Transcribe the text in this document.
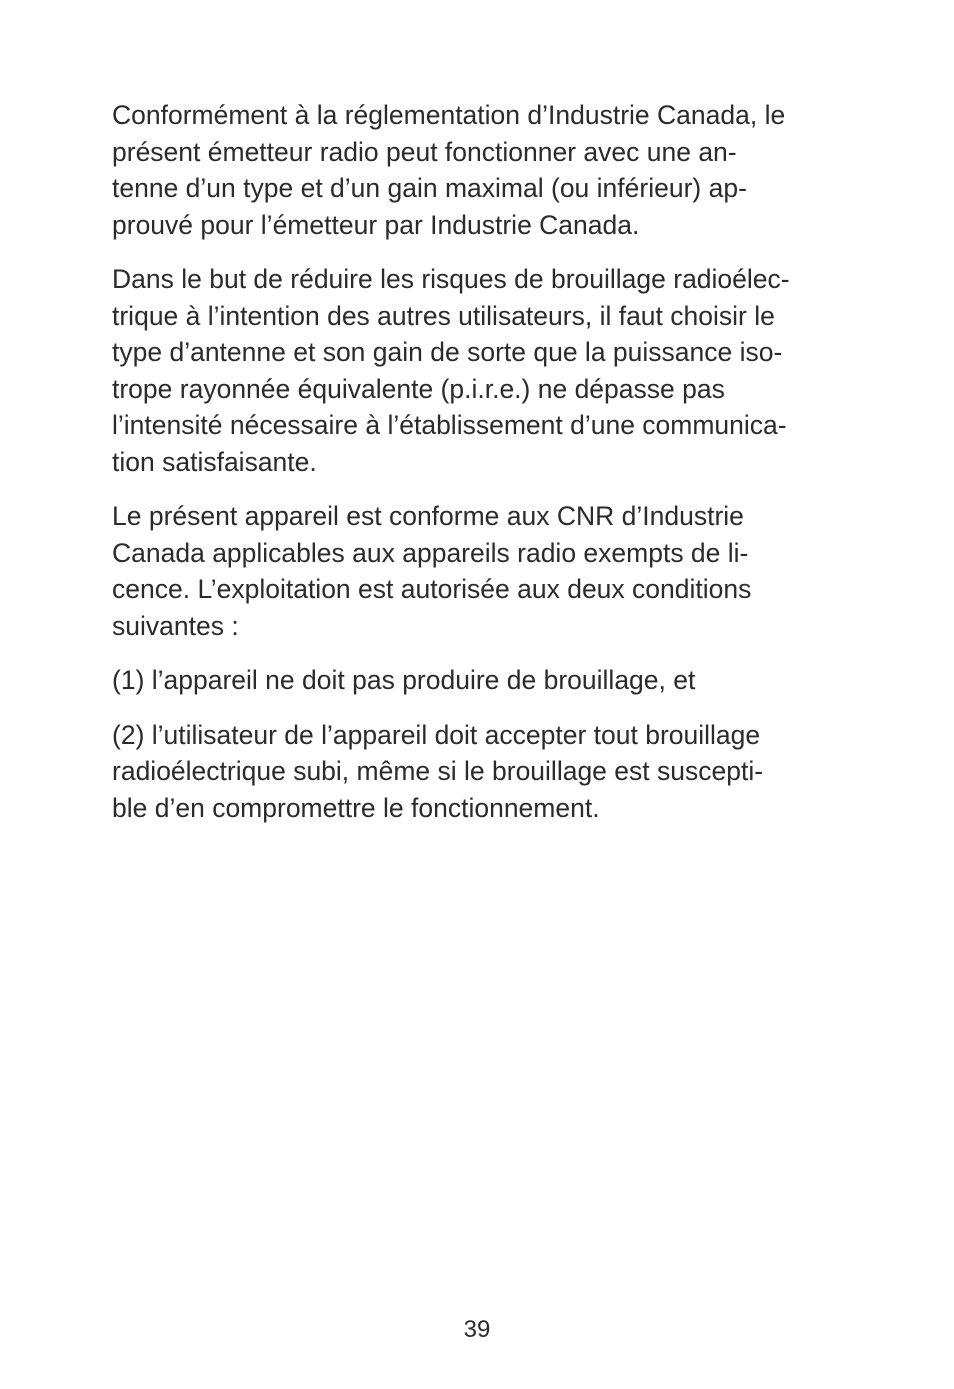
Conformément à la réglementation d’Industrie Canada, le
présent émetteur radio peut fonctionner avec une an-
tenne d’un type et d’un gain maximal (ou inférieur) ap-
prouvé pour l’émetteur par Industrie Canada.

Dans le but de réduire les risques de brouillage radioélec-
trique à l’intention des autres utilisateurs, il faut choisir le
type d’antenne et son gain de sorte que la puissance iso-
trope rayonnée équivalente (p.i.r.e.) ne dépasse pas
l’intensité nécessaire à l’établissement d’une communica-
tion satisfaisante.

Le présent appareil est conforme aux CNR d’Industrie
Canada applicables aux appareils radio exempts de li-
cence. L’exploitation est autorisée aux deux conditions
suivantes :

(1) l’appareil ne doit pas produire de brouillage, et

(2) l’utilisateur de l’appareil doit accepter tout brouillage
radioélectrique subi, même si le brouillage est suscepti-
ble d’en compromettre le fonctionnement.

39
